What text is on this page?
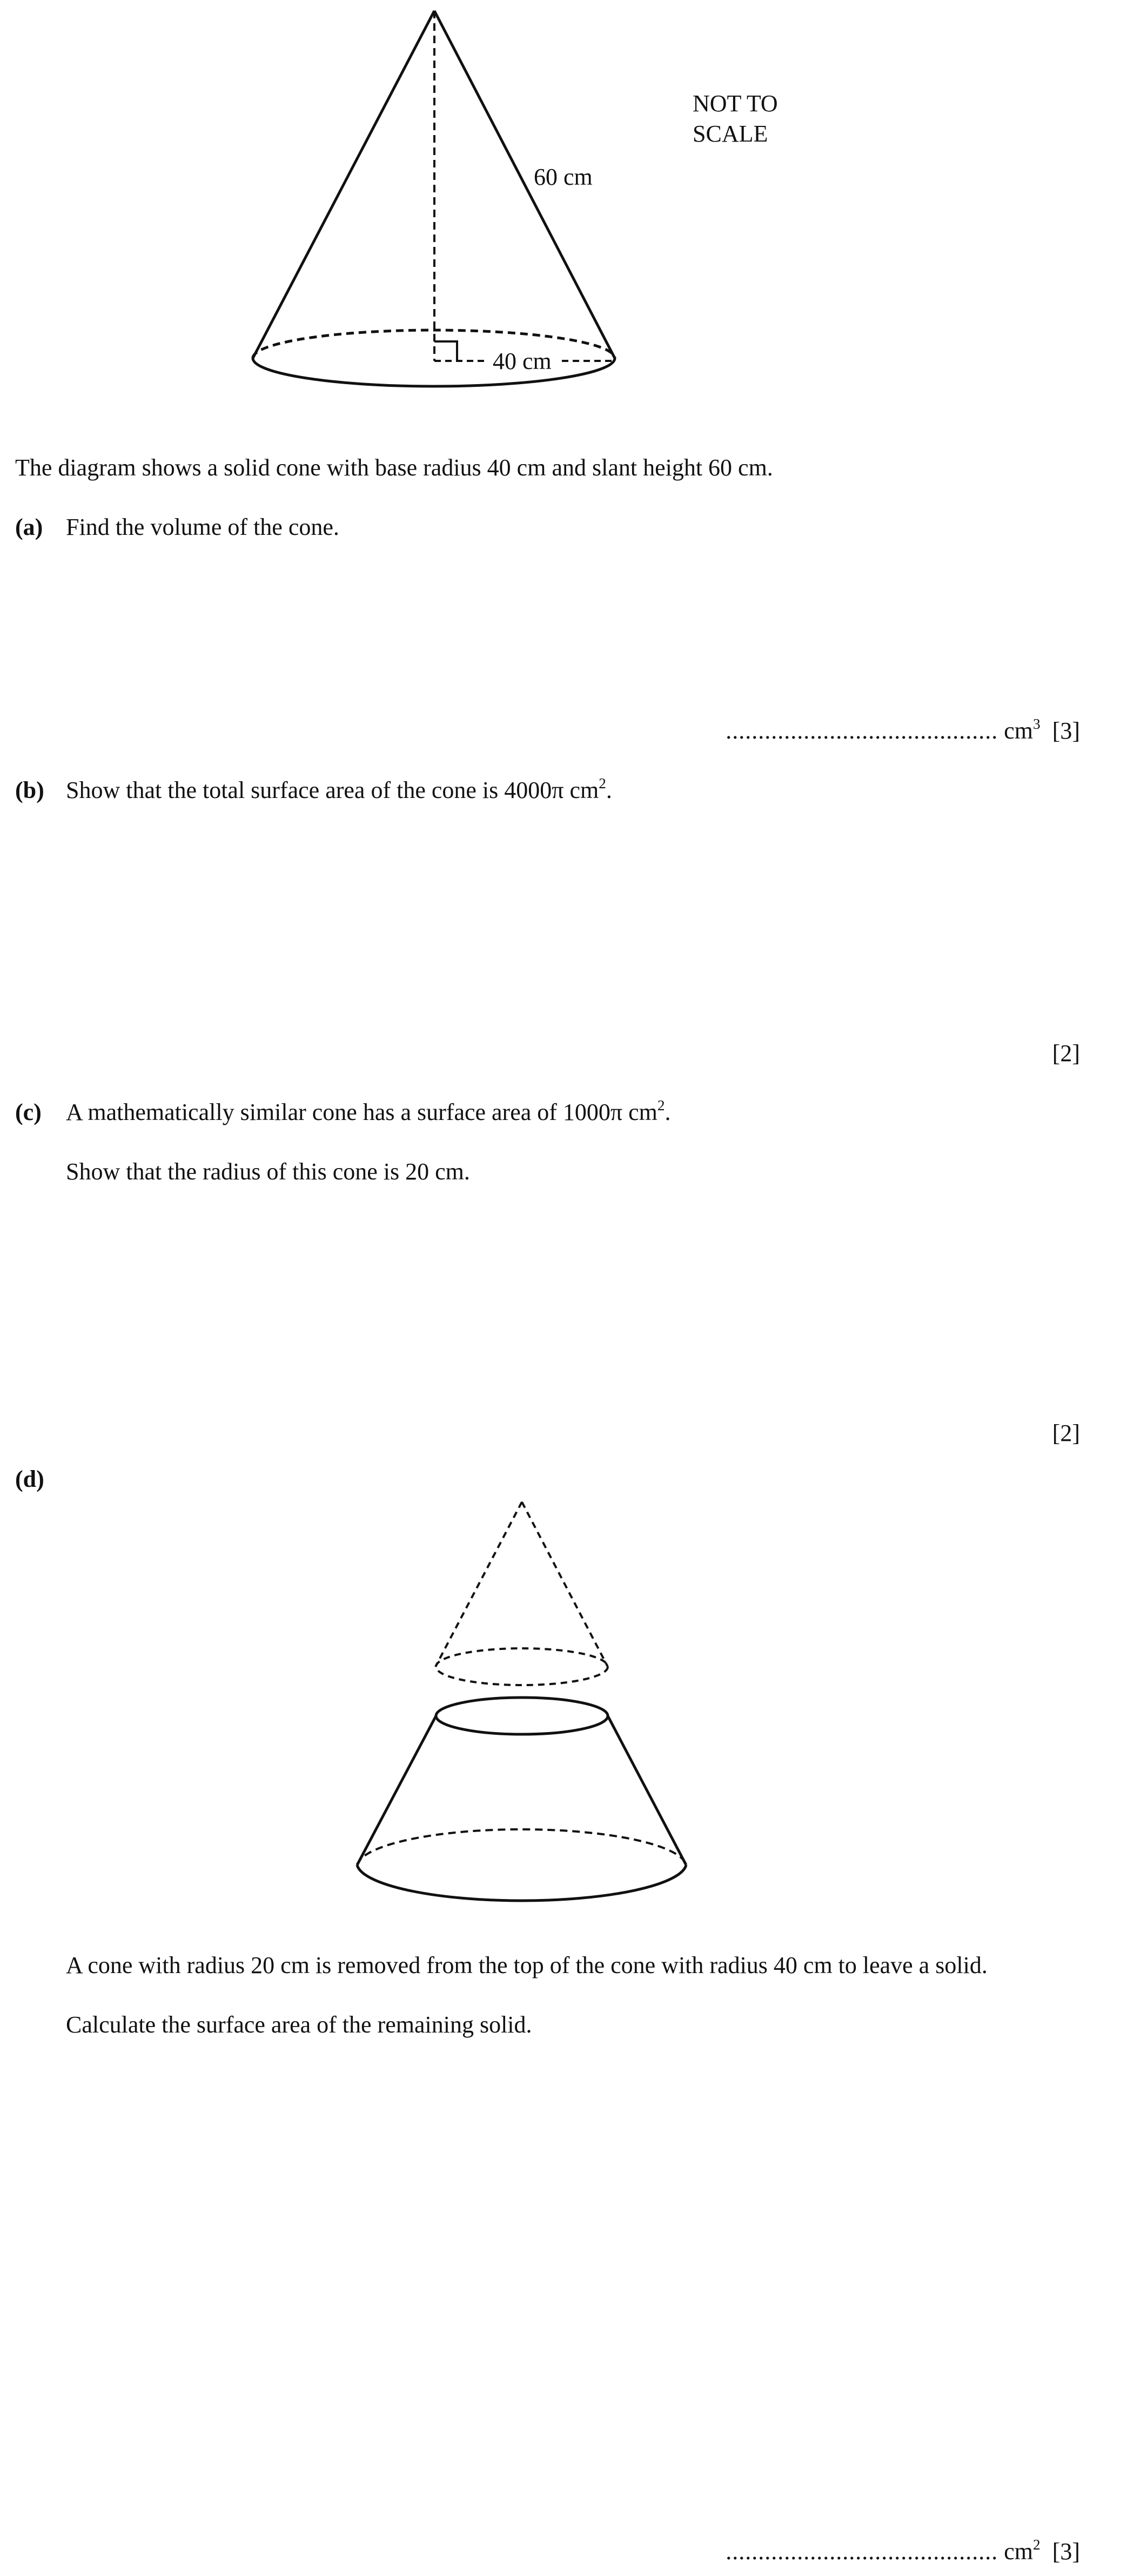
60 cm
40 cm
NOT TO
SCALE
The diagram shows a solid cone with base radius 40 cm and slant height 60 cm.
(a) Find the volume of the cone.
.......................................... $cm^3$ [3]
(b) Show that the total surface area of the cone is 4000π $cm^2$.
[2]
(c) A mathematically similar cone has a surface area of 1000π $cm^2$.
Show that the radius of this cone is 20 cm.
[2]
(d)
A cone with radius 20 cm is removed from the top of the cone with radius 40 cm to leave a solid.
Calculate the surface area of the remaining solid.
.......................................... $cm^2$ [3]
